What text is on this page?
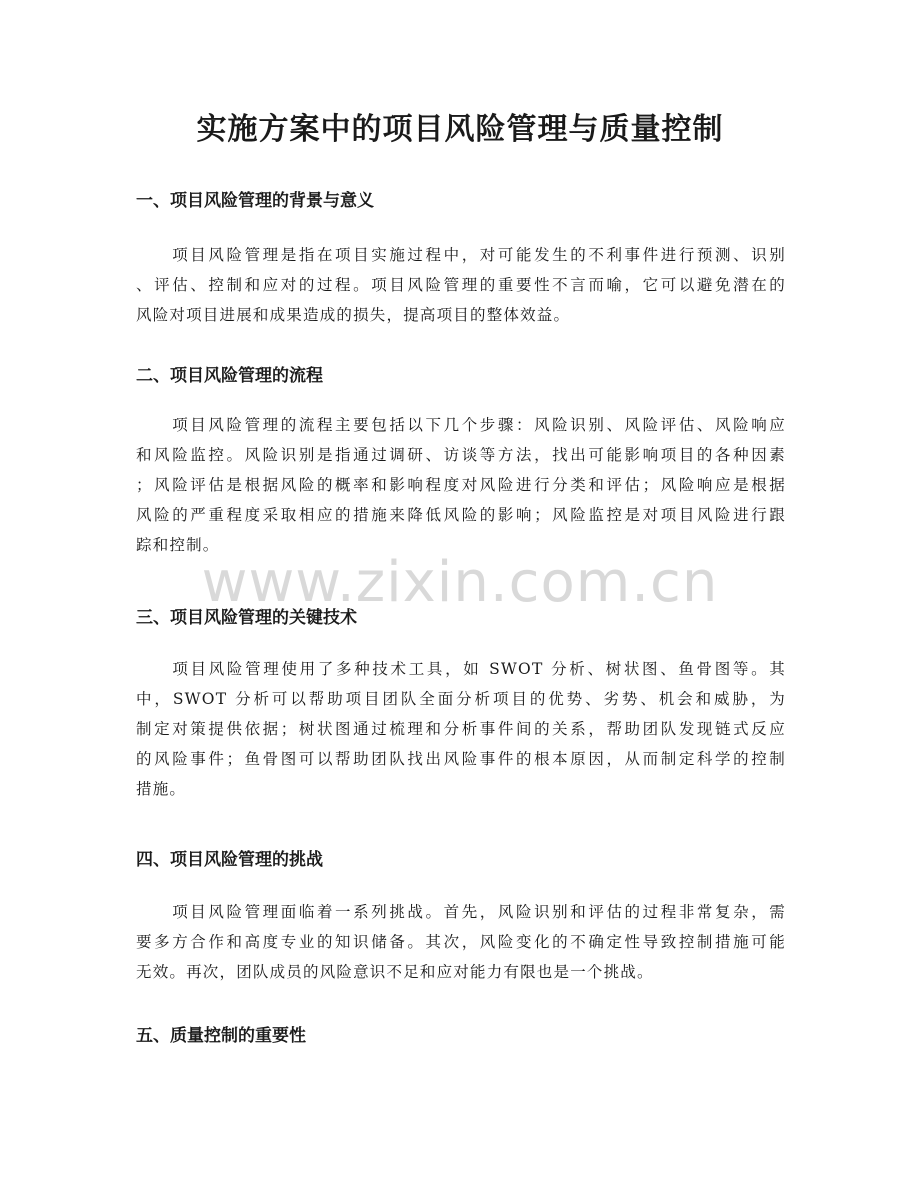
实施方案中的项目风险管理与质量控制
一、项目风险管理的背景与意义

　　项目风险管理是指在项目实施过程中，对可能发生的不利事件进行预测、识别
、评估、控制和应对的过程。项目风险管理的重要性不言而喻，它可以避免潜在的
风险对项目进展和成果造成的损失，提高项目的整体效益。

二、项目风险管理的流程

　　项目风险管理的流程主要包括以下几个步骤：风险识别、风险评估、风险响应
和风险监控。风险识别是指通过调研、访谈等方法，找出可能影响项目的各种因素
；风险评估是根据风险的概率和影响程度对风险进行分类和评估；风险响应是根据
风险的严重程度采取相应的措施来降低风险的影响；风险监控是对项目风险进行跟
踪和控制。

三、项目风险管理的关键技术

　　项目风险管理使用了多种技术工具，如 SWOT 分析、树状图、鱼骨图等。其
中，SWOT 分析可以帮助项目团队全面分析项目的优势、劣势、机会和威胁，为
制定对策提供依据；树状图通过梳理和分析事件间的关系，帮助团队发现链式反应
的风险事件；鱼骨图可以帮助团队找出风险事件的根本原因，从而制定科学的控制
措施。

四、项目风险管理的挑战

　　项目风险管理面临着一系列挑战。首先，风险识别和评估的过程非常复杂，需
要多方合作和高度专业的知识储备。其次，风险变化的不确定性导致控制措施可能
无效。再次，团队成员的风险意识不足和应对能力有限也是一个挑战。

五、质量控制的重要性
www.zixin.com.cn
